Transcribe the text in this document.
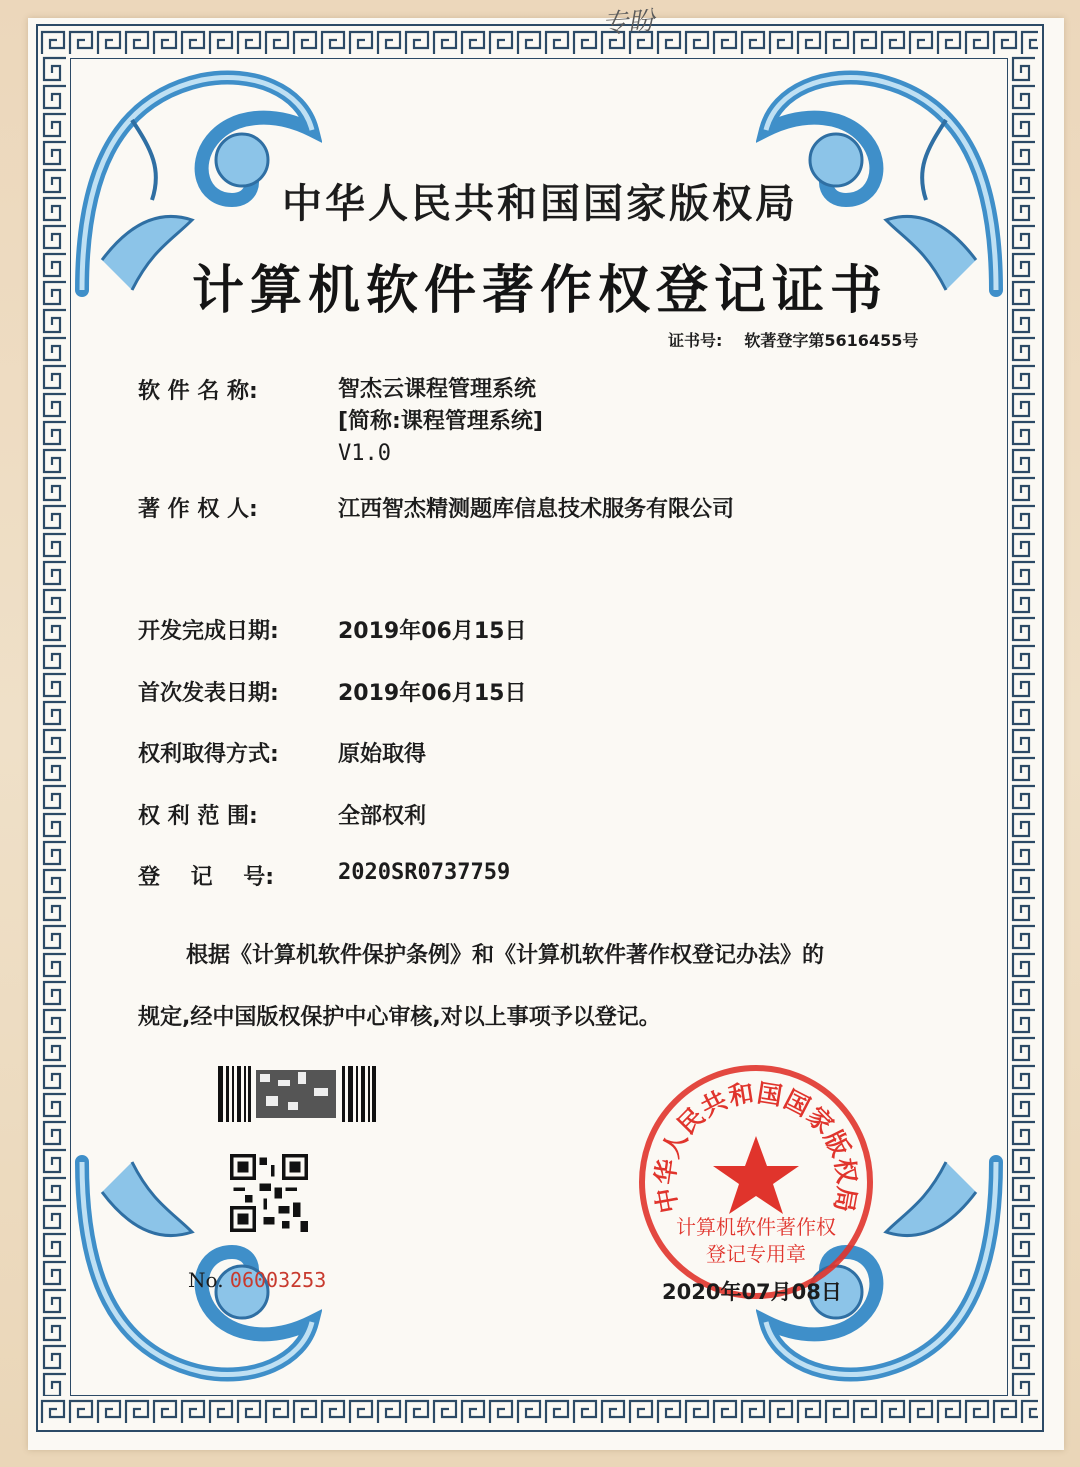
专盼
中华人民共和国国家版权局
计算机软件著作权登记证书
证书号: 软著登字第5616455号
软 件 名 称:	智杰云课程管理系统
[简称:课程管理系统]
V1.0
著 作 权 人:	江西智杰精测题库信息技术服务有限公司
开发完成日期:	2019年06月15日
首次发表日期:	2019年06月15日
权利取得方式:	原始取得
权 利 范 围:	全部权利
登    记    号:	2020SR0737759
根据《计算机软件保护条例》和《计算机软件著作权登记办法》的
规定,经中国版权保护中心审核,对以上事项予以登记。
No. 06003253
中华人民共和国国家版权局
计算机软件著作权
登记专用章
2020年07月08日
